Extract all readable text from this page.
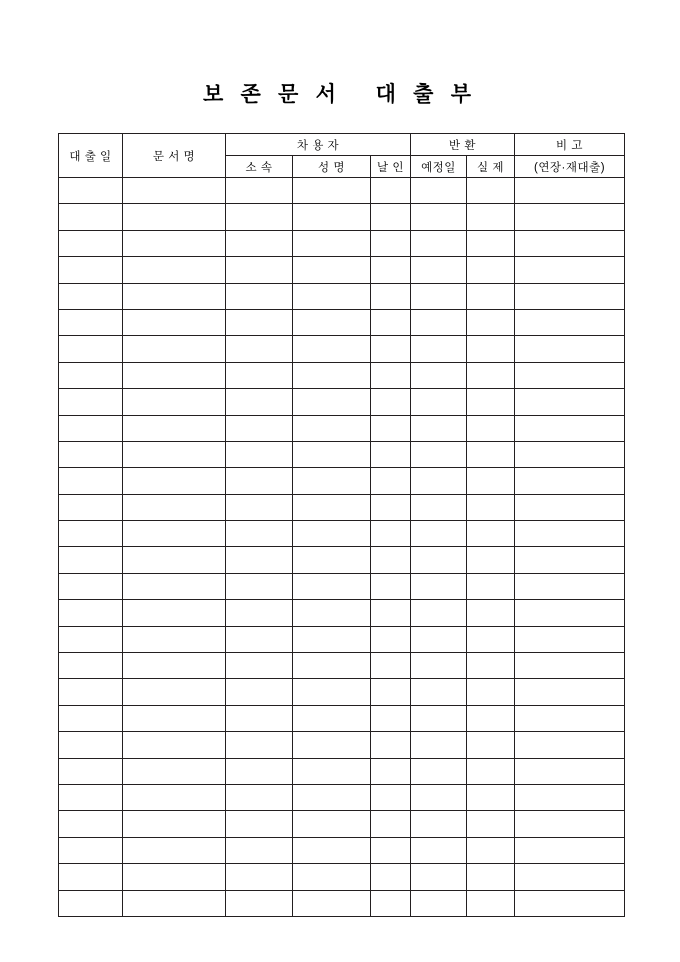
보 존 문 서   대 출 부
대 출 일	문 서 명	차 용 자			반 환		비 고
		소 속	성 명	날 인	예정일	실 제	(연장·재대출)
